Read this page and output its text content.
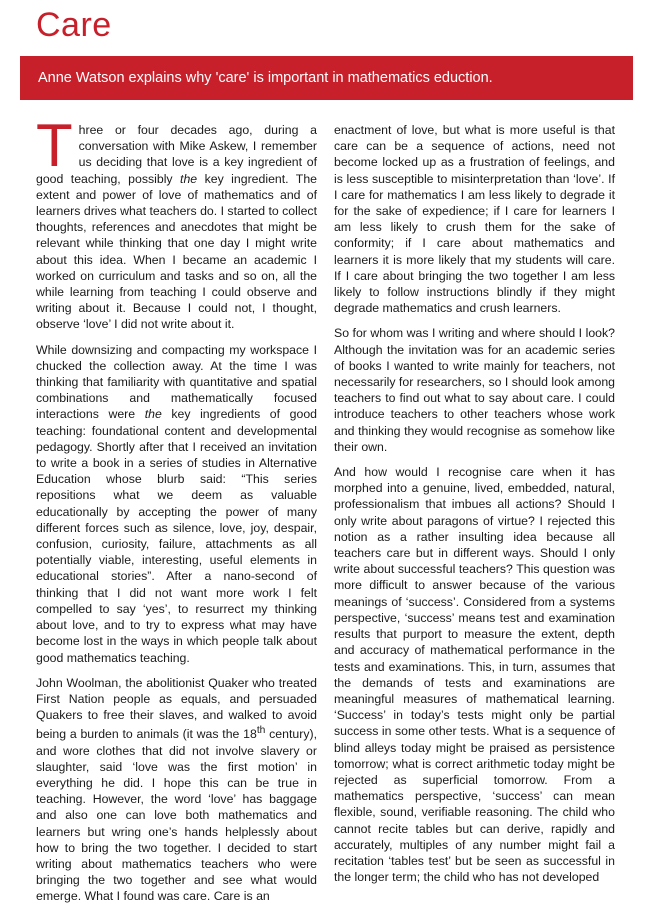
Care
Anne Watson explains why 'care' is important in mathematics eduction.

Three or four decades ago, during a conversation with Mike Askew, I remember us deciding that love is a key ingredient of good teaching, possibly the key ingredient. The extent and power of love of mathematics and of learners drives what teachers do. I started to collect thoughts, references and anecdotes that might be relevant while thinking that one day I might write about this idea. When I became an academic I worked on curriculum and tasks and so on, all the while learning from teaching I could observe and writing about it. Because I could not, I thought, observe ‘love’ I did not write about it.

While downsizing and compacting my workspace I chucked the collection away. At the time I was thinking that familiarity with quantitative and spatial combinations and mathematically focused interactions were the key ingredients of good teaching: foundational content and developmental pedagogy. Shortly after that I received an invitation to write a book in a series of studies in Alternative Education whose blurb said: “This series repositions what we deem as valuable educationally by accepting the power of many different forces such as silence, love, joy, despair, confusion, curiosity, failure, attachments as all potentially viable, interesting, useful elements in educational stories”. After a nano-second of thinking that I did not want more work I felt compelled to say ‘yes’, to resurrect my thinking about love, and to try to express what may have become lost in the ways in which people talk about good mathematics teaching.

John Woolman, the abolitionist Quaker who treated First Nation people as equals, and persuaded Quakers to free their slaves, and walked to avoid being a burden to animals (it was the 18th century), and wore clothes that did not involve slavery or slaughter, said ‘love was the first motion’ in everything he did. I hope this can be true in teaching. However, the word ‘love’ has baggage and also one can love both mathematics and learners but wring one’s hands helplessly about how to bring the two together. I decided to start writing about mathematics teachers who were bringing the two together and see what would emerge. What I found was care. Care is an

enactment of love, but what is more useful is that care can be a sequence of actions, need not become locked up as a frustration of feelings, and is less susceptible to misinterpretation than ‘love’. If I care for mathematics I am less likely to degrade it for the sake of expedience; if I care for learners I am less likely to crush them for the sake of conformity; if I care about mathematics and learners it is more likely that my students will care. If I care about bringing the two together I am less likely to follow instructions blindly if they might degrade mathematics and crush learners.

So for whom was I writing and where should I look? Although the invitation was for an academic series of books I wanted to write mainly for teachers, not necessarily for researchers, so I should look among teachers to find out what to say about care. I could introduce teachers to other teachers whose work and thinking they would recognise as somehow like their own.

And how would I recognise care when it has morphed into a genuine, lived, embedded, natural, professionalism that imbues all actions? Should I only write about paragons of virtue? I rejected this notion as a rather insulting idea because all teachers care but in different ways. Should I only write about successful teachers? This question was more difficult to answer because of the various meanings of ‘success’. Considered from a systems perspective, ‘success’ means test and examination results that purport to measure the extent, depth and accuracy of mathematical performance in the tests and examinations. This, in turn, assumes that the demands of tests and examinations are meaningful measures of mathematical learning. ‘Success’ in today’s tests might only be partial success in some other tests. What is a sequence of blind alleys today might be praised as persistence tomorrow; what is correct arithmetic today might be rejected as superficial tomorrow. From a mathematics perspective, ‘success’ can mean flexible, sound, verifiable reasoning. The child who cannot recite tables but can derive, rapidly and accurately, multiples of any number might fail a recitation ‘tables test’ but be seen as successful in the longer term; the child who has not developed
